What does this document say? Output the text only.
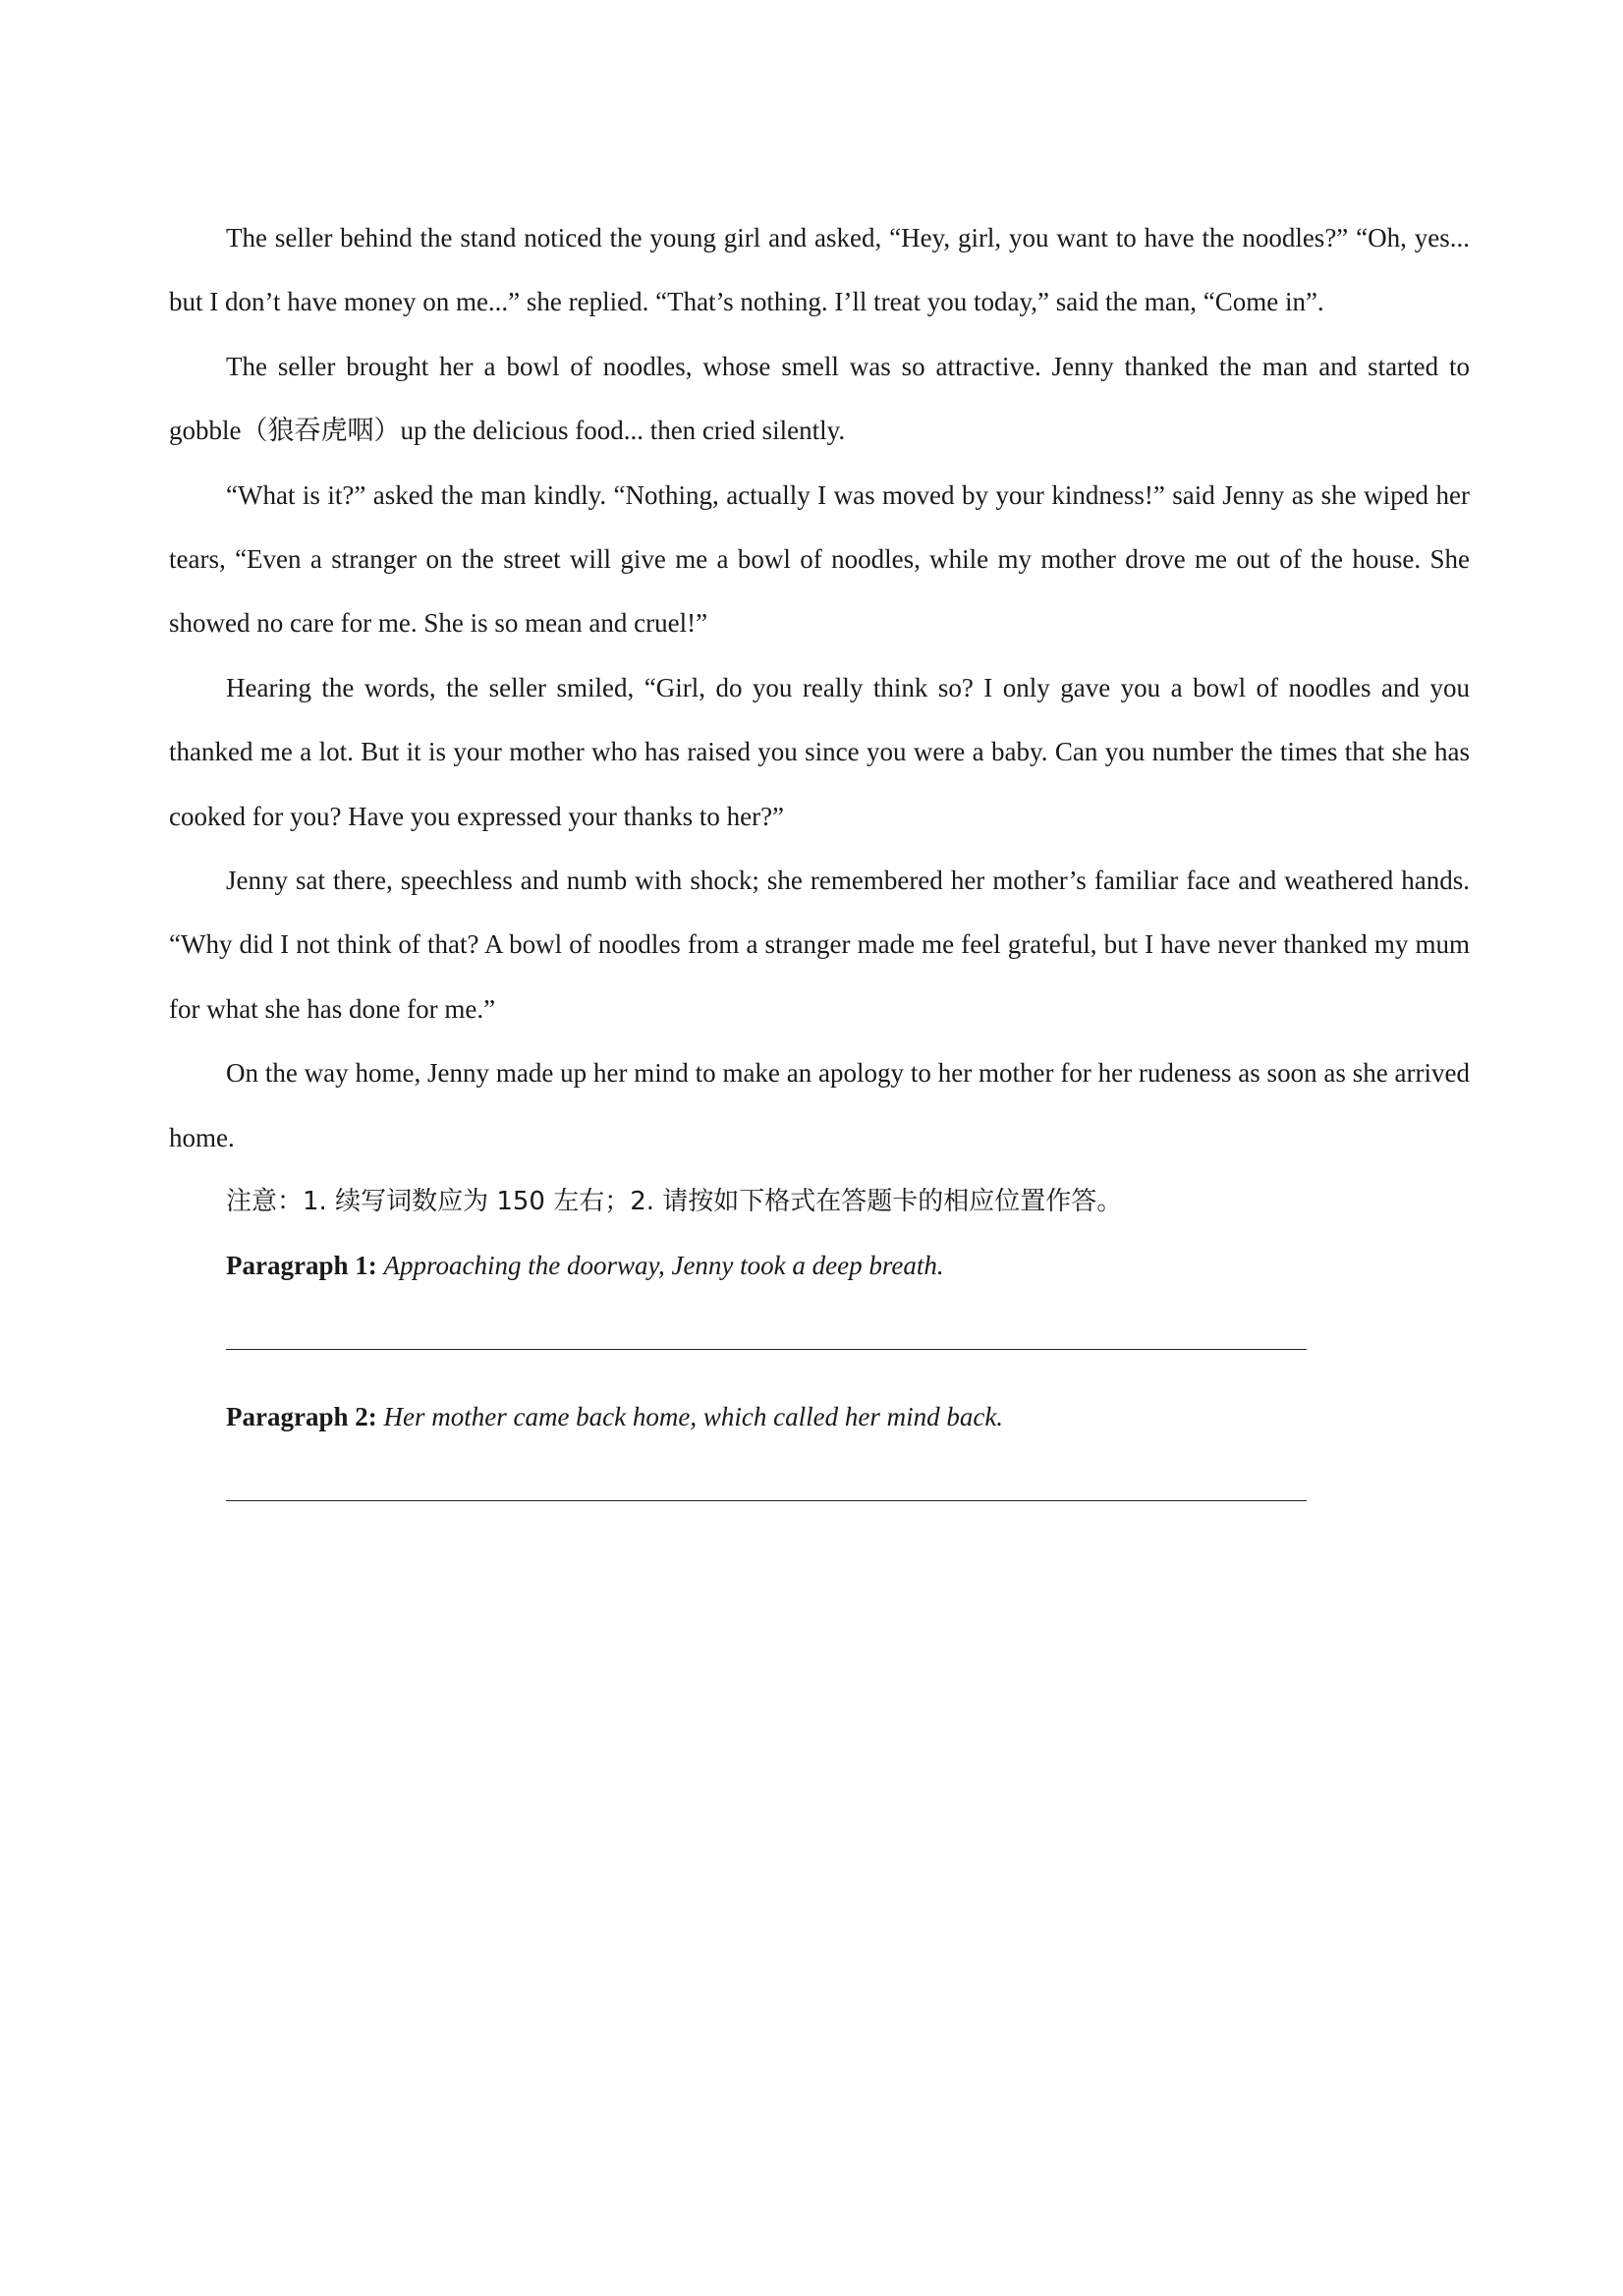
The seller behind the stand noticed the young girl and asked, “Hey, girl, you want to have the noodles?” “Oh, yes... but I don’t have money on me...” she replied. “That’s nothing. I’ll treat you today,” said the man, “Come in”.

The seller brought her a bowl of noodles, whose smell was so attractive. Jenny thanked the man and started to gobble（狼吞虎咽）up the delicious food... then cried silently.

“What is it?” asked the man kindly. “Nothing, actually I was moved by your kindness!” said Jenny as she wiped her tears, “Even a stranger on the street will give me a bowl of noodles, while my mother drove me out of the house. She showed no care for me. She is so mean and cruel!”

Hearing the words, the seller smiled, “Girl, do you really think so? I only gave you a bowl of noodles and you thanked me a lot. But it is your mother who has raised you since you were a baby. Can you number the times that she has cooked for you? Have you expressed your thanks to her?”

Jenny sat there, speechless and numb with shock; she remembered her mother’s familiar face and weathered hands. “Why did I not think of that? A bowl of noodles from a stranger made me feel grateful, but I have never thanked my mum for what she has done for me.”

On the way home, Jenny made up her mind to make an apology to her mother for her rudeness as soon as she arrived home.

注意：1. 续写词数应为 150 左右；2. 请按如下格式在答题卡的相应位置作答。

Paragraph 1: Approaching the doorway, Jenny took a deep breath.

Paragraph 2: Her mother came back home, which called her mind back.
